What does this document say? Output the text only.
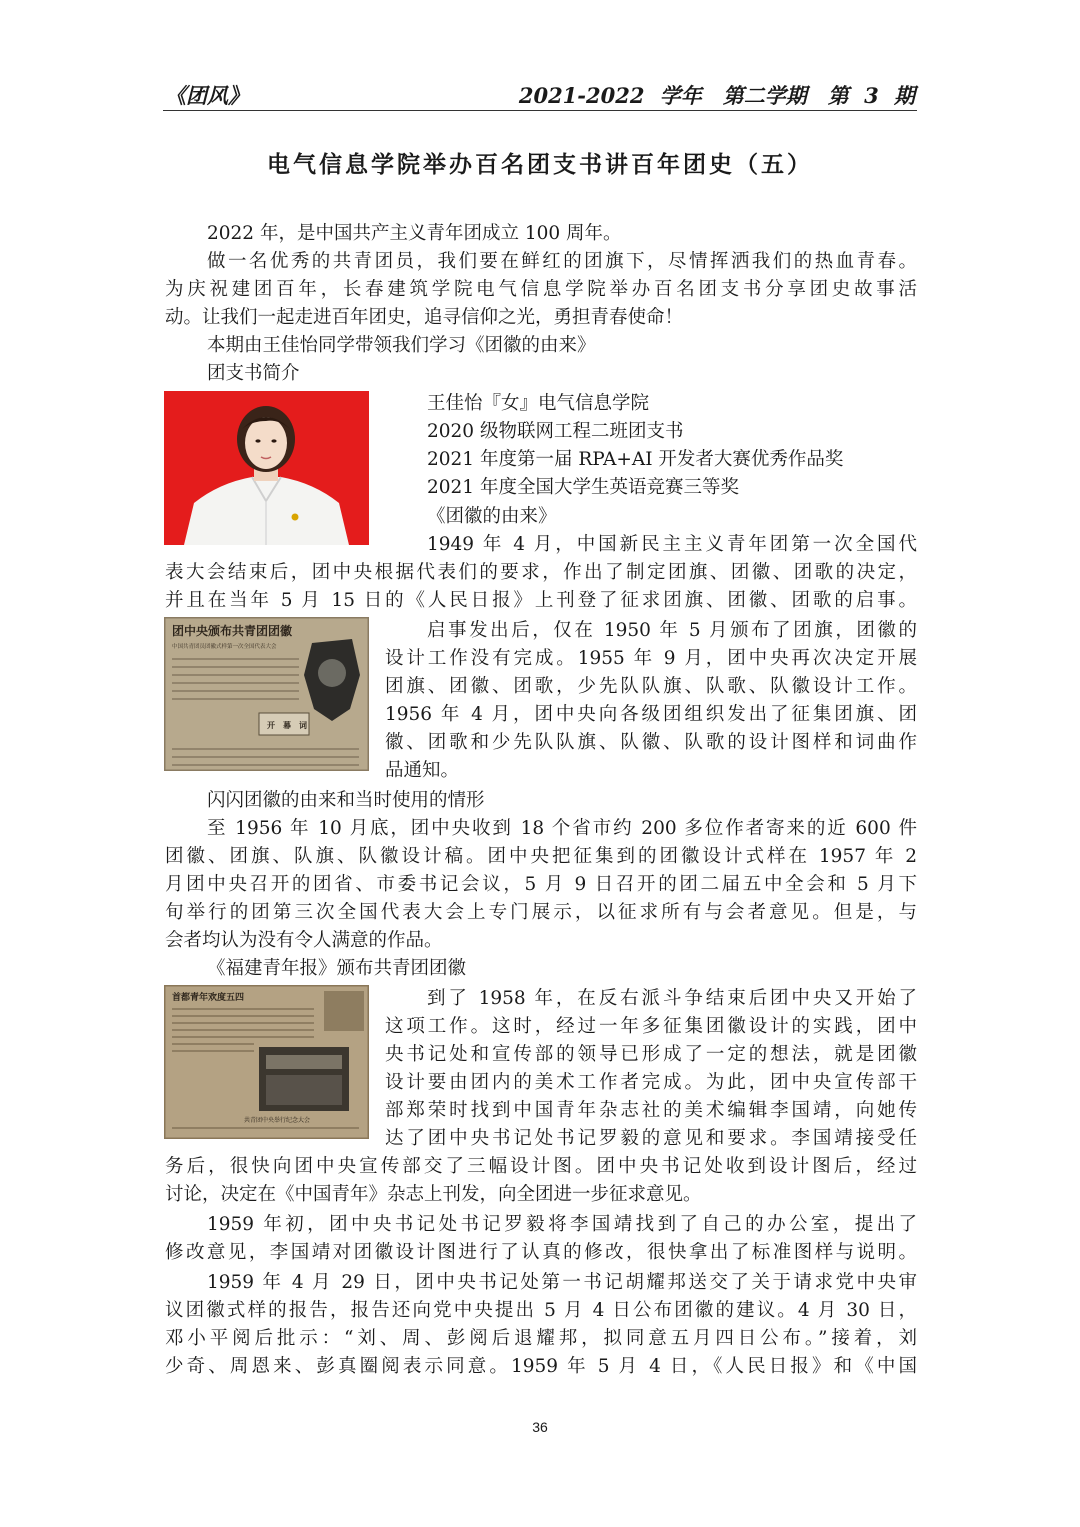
《团风》	2021-2022 学年　第二学期　第 3 期
电气信息学院举办百名团支书讲百年团史（五）
2022 年，是中国共产主义青年团成立 100 周年。
做一名优秀的共青团员，我们要在鲜红的团旗下，尽情挥洒我们的热血青春。
为庆祝建团百年，长春建筑学院电气信息学院举办百名团支书分享团史故事活
动。让我们一起走进百年团史，追寻信仰之光，勇担青春使命！
本期由王佳怡同学带领我们学习《团徽的由来》
团支书简介
王佳怡『女』电气信息学院
2020 级物联网工程二班团支书
2021 年度第一届 RPA+AI 开发者大赛优秀作品奖
2021 年度全国大学生英语竞赛三等奖
《团徽的由来》
1949 年 4 月，中国新民主主义青年团第一次全国代
表大会结束后，团中央根据代表们的要求，作出了制定团旗、团徽、团歌的决定，
并且在当年 5 月 15 日的《人民日报》上刊登了征求团旗、团徽、团歌的启事。
团中央颁布共青团团徽
中国共青团员团徽式样第一次全国代表大会
开　幕　词
启事发出后，仅在 1950 年 5 月颁布了团旗，团徽的
设计工作没有完成。1955 年 9 月，团中央再次决定开展
团旗、团徽、团歌，少先队队旗、队歌、队徽设计工作。
1956 年 4 月，团中央向各级团组织发出了征集团旗、团
徽、团歌和少先队队旗、队徽、队歌的设计图样和词曲作
品通知。
闪闪团徽的由来和当时使用的情形
至 1956 年 10 月底，团中央收到 18 个省市约 200 多位作者寄来的近 600 件
团徽、团旗、队旗、队徽设计稿。团中央把征集到的团徽设计式样在 1957 年 2
月团中央召开的团省、市委书记会议，5 月 9 日召开的团二届五中全会和 5 月下
旬举行的团第三次全国代表大会上专门展示，以征求所有与会者意见。但是，与
会者均认为没有令人满意的作品。
《福建青年报》颁布共青团团徽
首都青年欢度五四
共青团中央举行纪念大会
到了 1958 年，在反右派斗争结束后团中央又开始了
这项工作。这时，经过一年多征集团徽设计的实践，团中
央书记处和宣传部的领导已形成了一定的想法，就是团徽
设计要由团内的美术工作者完成。为此，团中央宣传部干
部郑荣时找到中国青年杂志社的美术编辑李国靖，向她传
达了团中央书记处书记罗毅的意见和要求。李国靖接受任
务后，很快向团中央宣传部交了三幅设计图。团中央书记处收到设计图后，经过
讨论，决定在《中国青年》杂志上刊发，向全团进一步征求意见。
1959 年初，团中央书记处书记罗毅将李国靖找到了自己的办公室，提出了
修改意见，李国靖对团徽设计图进行了认真的修改，很快拿出了标准图样与说明。
1959 年 4 月 29 日，团中央书记处第一书记胡耀邦送交了关于请求党中央审
议团徽式样的报告，报告还向党中央提出 5 月 4 日公布团徽的建议。4 月 30 日，
邓小平阅后批示：“刘、周、彭阅后退耀邦，拟同意五月四日公布。”接着，刘
少奇、周恩来、彭真圈阅表示同意。1959 年 5 月 4 日，《人民日报》和《中国
36
